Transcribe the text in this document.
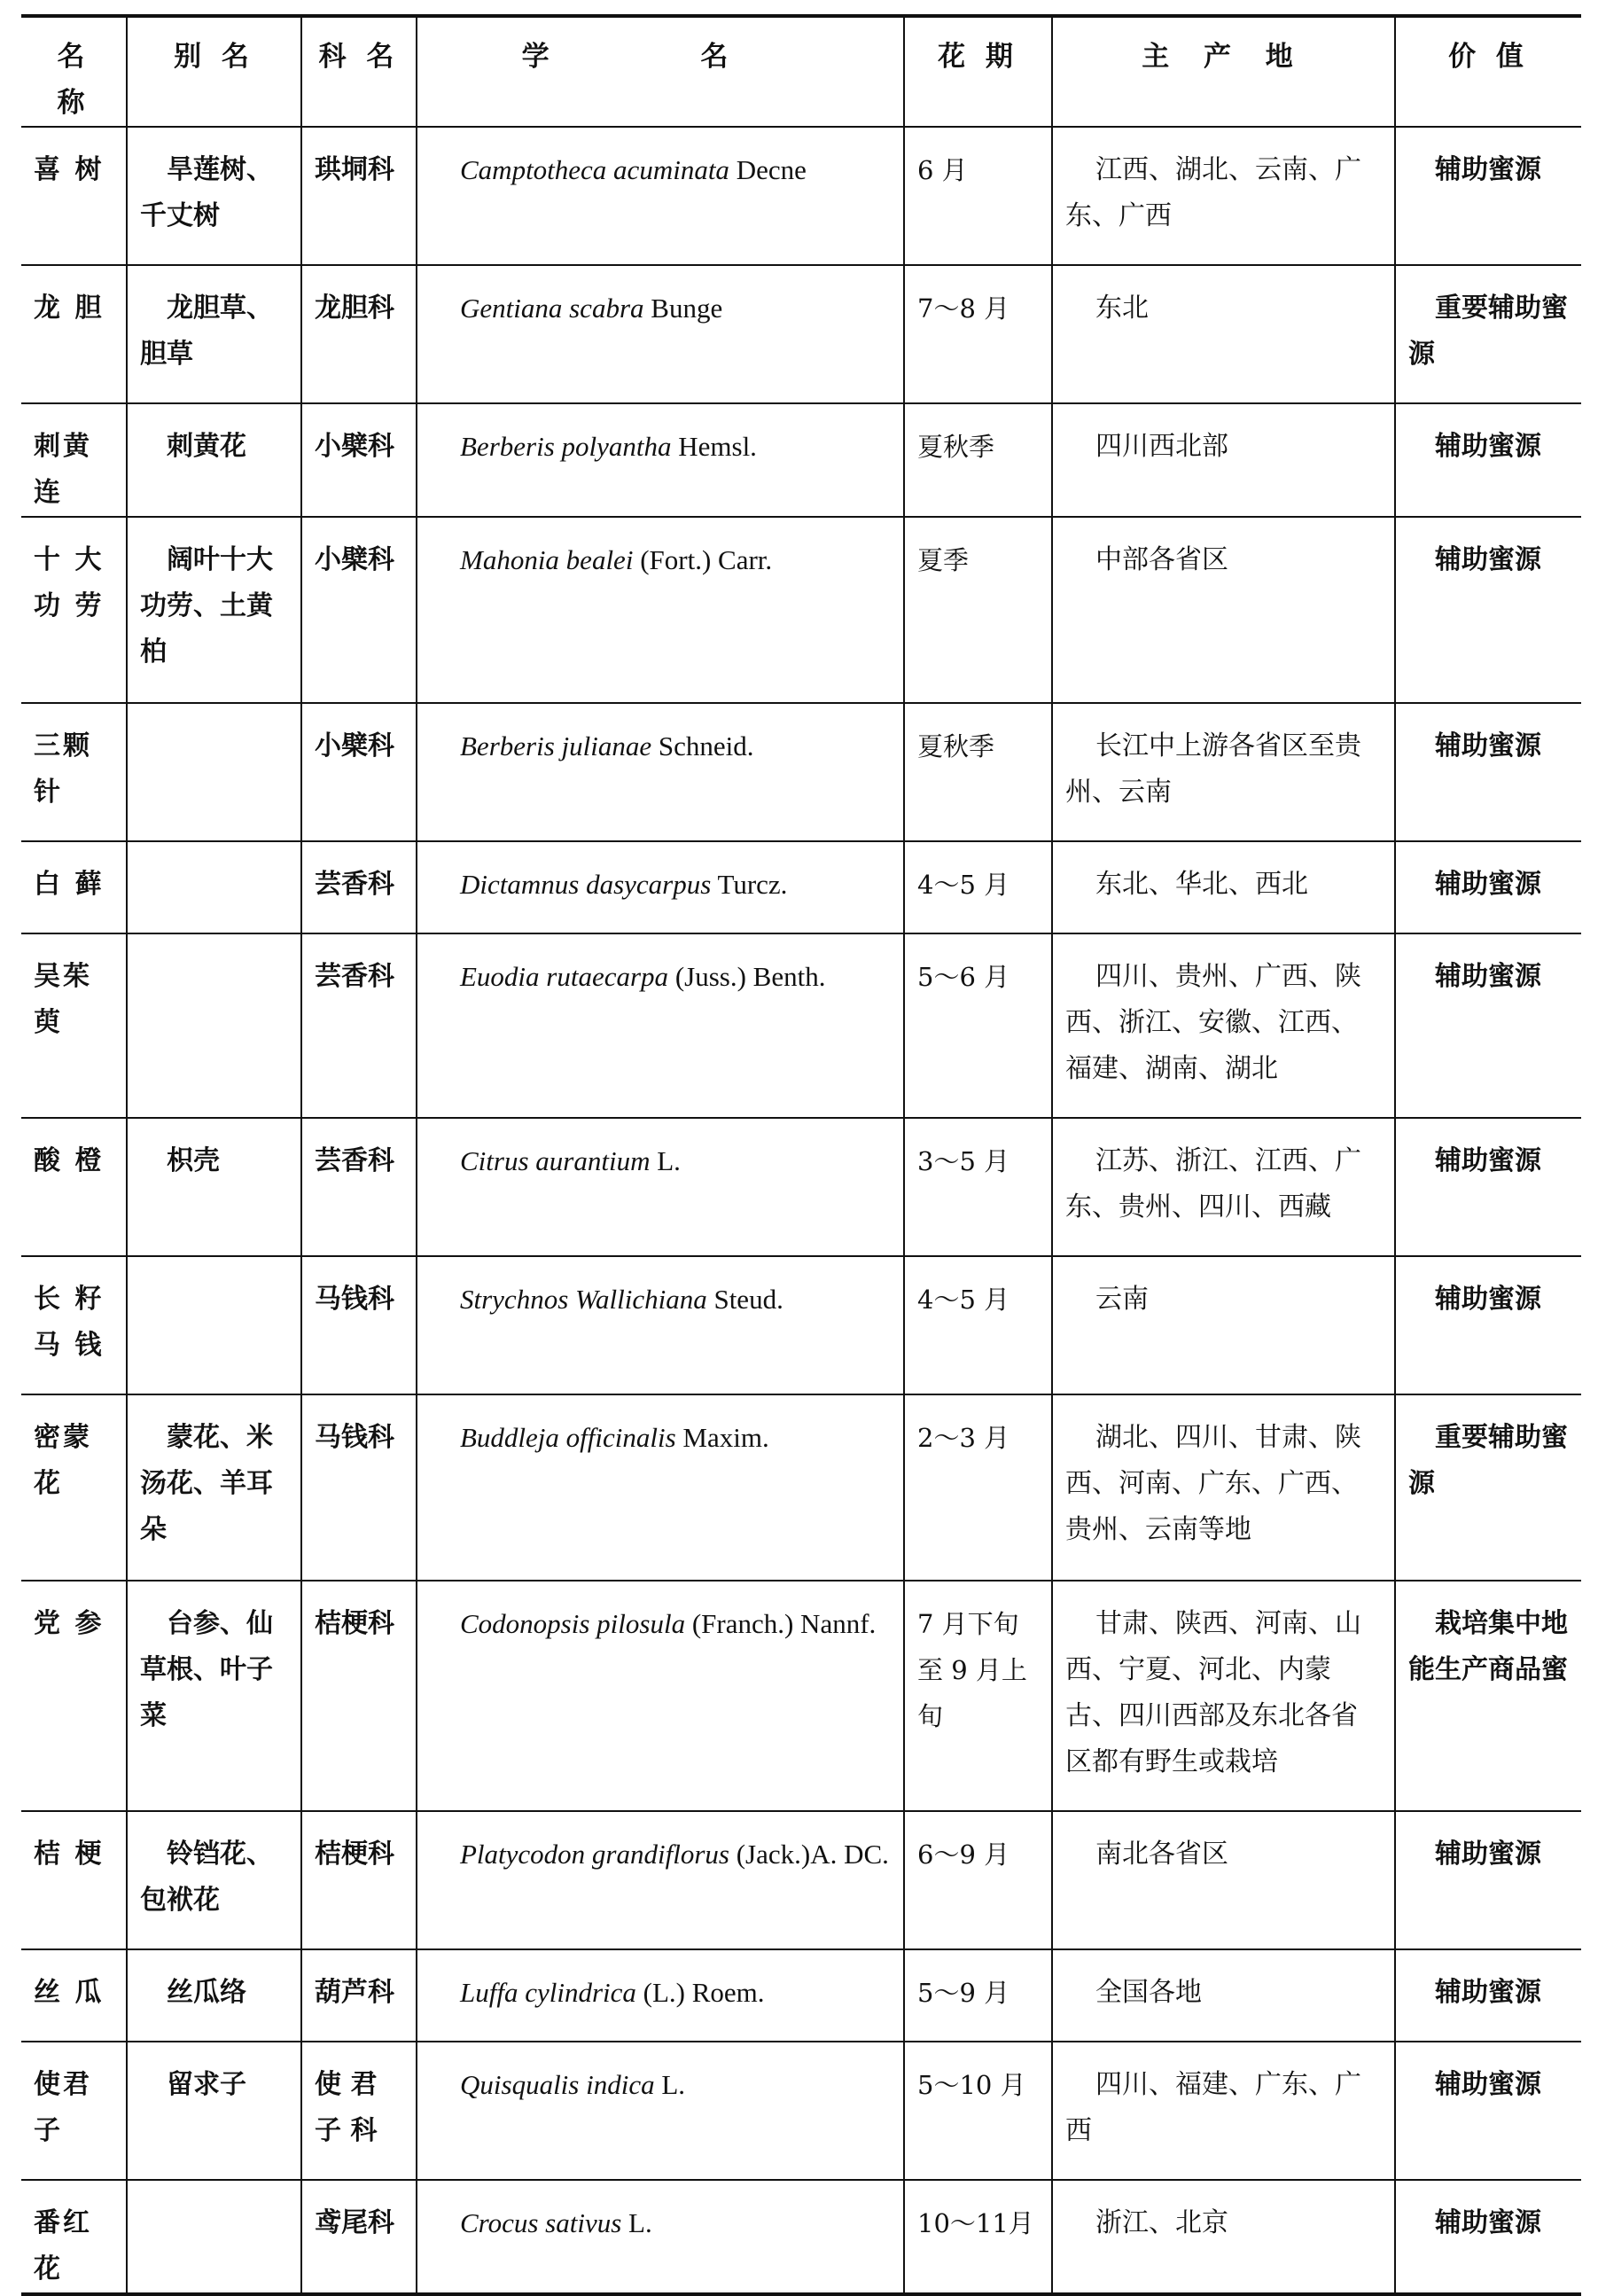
名 称	别 名	科 名	学 名	花 期	主 产 地	价 值
喜 树	旱莲树、千丈树	珙垌科	Camptotheca acuminata Decne	6 月	江西、湖北、云南、广东、广西	辅助蜜源
龙 胆	龙胆草、胆草	龙胆科	Gentiana scabra Bunge	7～8 月	东北	重要辅助蜜源
刺黄连	刺黄花	小檗科	Berberis polyantha Hemsl.	夏秋季	四川西北部	辅助蜜源
十 大 功 劳	阔叶十大功劳、土黄柏	小檗科	Mahonia bealei (Fort.) Carr.	夏季	中部各省区	辅助蜜源
三颗针		小檗科	Berberis julianae Schneid.	夏秋季	长江中上游各省区至贵州、云南	辅助蜜源
白 藓		芸香科	Dictamnus dasycarpus Turcz.	4～5 月	东北、华北、西北	辅助蜜源
吴茱萸		芸香科	Euodia rutaecarpa (Juss.) Benth.	5～6 月	四川、贵州、广西、陕西、浙江、安徽、江西、福建、湖南、湖北	辅助蜜源
酸 橙	枳壳	芸香科	Citrus aurantium L.	3～5 月	江苏、浙江、江西、广东、贵州、四川、西藏	辅助蜜源
长 籽 马 钱		马钱科	Strychnos Wallichiana Steud.	4～5 月	云南	辅助蜜源
密蒙花	蒙花、米汤花、羊耳朵	马钱科	Buddleja officinalis Maxim.	2～3 月	湖北、四川、甘肃、陕西、河南、广东、广西、贵州、云南等地	重要辅助蜜源
党 参	台参、仙草根、叶子菜	桔梗科	Codonopsis pilosula (Franch.) Nannf.	7 月下旬至 9 月上旬	甘肃、陕西、河南、山西、宁夏、河北、内蒙古、四川西部及东北各省区都有野生或栽培	栽培集中地能生产商品蜜
桔 梗	铃铛花、包袱花	桔梗科	Platycodon grandiflorus (Jack.)A. DC.	6～9 月	南北各省区	辅助蜜源
丝 瓜	丝瓜络	葫芦科	Luffa cylindrica (L.) Roem.	5～9 月	全国各地	辅助蜜源
使君子	留求子	使 君 子 科	Quisqualis indica L.	5～10 月	四川、福建、广东、广西	辅助蜜源
番红花		鸢尾科	Crocus sativus L.	10～11月	浙江、北京	辅助蜜源
